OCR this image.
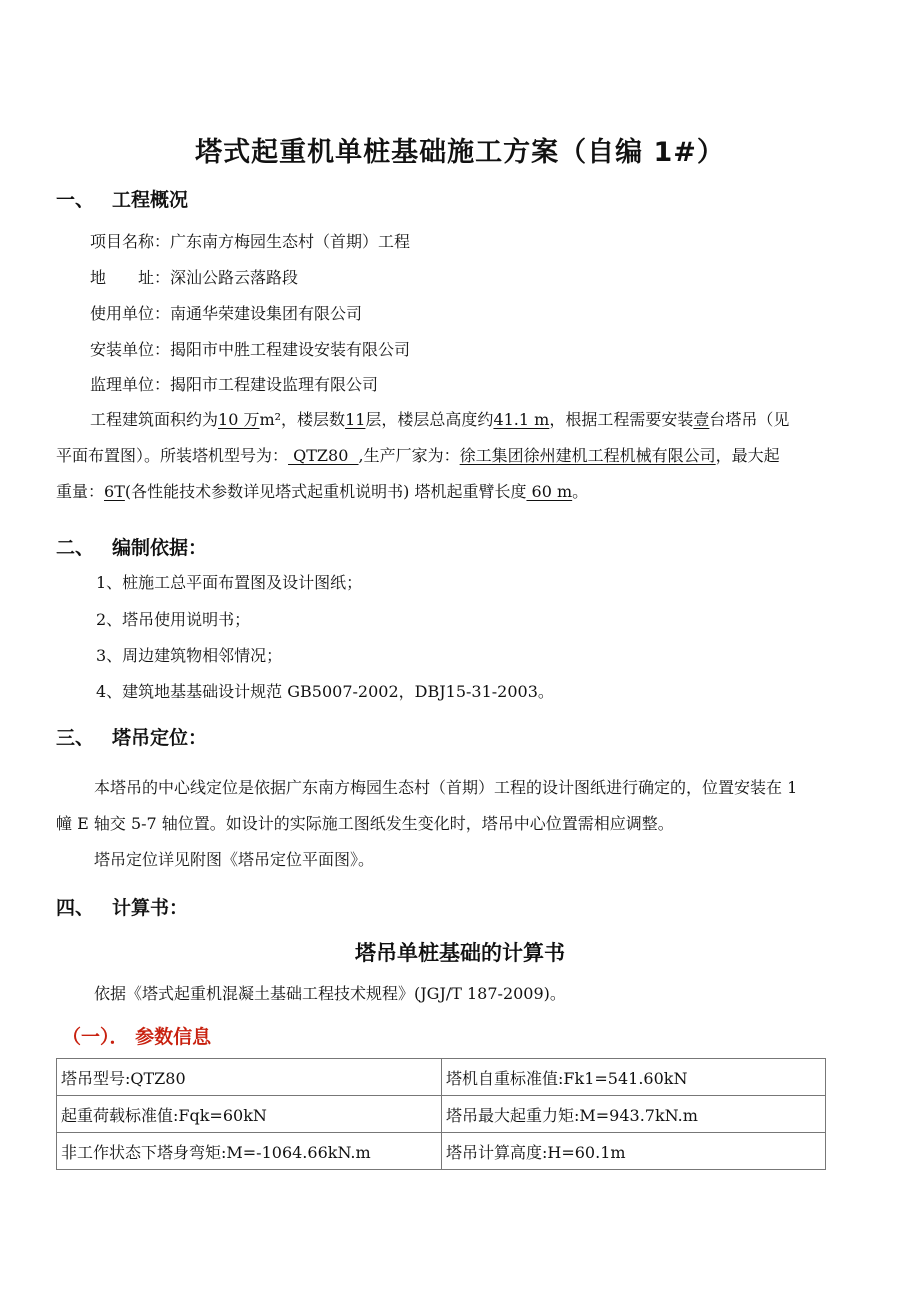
塔式起重机单桩基础施工方案（自编 1#）
一、 工程概况
项目名称：广东南方梅园生态村（首期）工程
地　　址：深汕公路云落路段
使用单位：南通华荣建设集团有限公司
安装单位：揭阳市中胜工程建设安装有限公司
监理单位：揭阳市工程建设监理有限公司
工程建筑面积约为10 万m²，楼层数11层，楼层总高度约41.1 m，根据工程需要安装壹台塔吊（见
平面布置图）。所装塔机型号为： QTZ80  ,生产厂家为：徐工集团徐州建机工程机械有限公司，最大起
重量：6T(各性能技术参数详见塔式起重机说明书) 塔机起重臂长度 60 m。
二、 编制依据：
1、桩施工总平面布置图及设计图纸；
2、塔吊使用说明书；
3、周边建筑物相邻情况；
4、建筑地基基础设计规范 GB5007-2002，DBJ15-31-2003。
三、 塔吊定位：
本塔吊的中心线定位是依据广东南方梅园生态村（首期）工程的设计图纸进行确定的，位置安装在 1
幢 E 轴交 5-7 轴位置。如设计的实际施工图纸发生变化时，塔吊中心位置需相应调整。
塔吊定位详见附图《塔吊定位平面图》。
四、 计算书：
塔吊单桩基础的计算书
依据《塔式起重机混凝土基础工程技术规程》(JGJ/T 187-2009)。
（一）． 参数信息
塔吊型号:QTZ80	塔机自重标准值:Fk1=541.60kN
起重荷载标准值:Fqk=60kN	塔吊最大起重力矩:M=943.7kN.m
非工作状态下塔身弯矩:M=-1064.66kN.m	塔吊计算高度:H=60.1m
